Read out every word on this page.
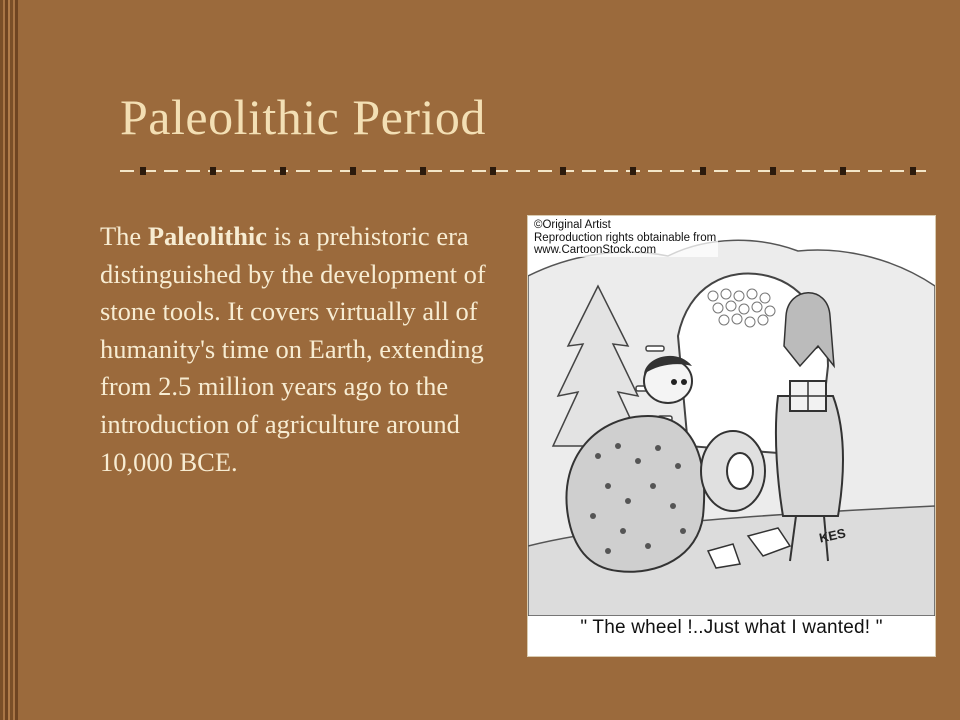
Paleolithic Period
The Paleolithic is a prehistoric era distinguished by the development of stone tools. It covers virtually all of humanity's time on Earth, extending from 2.5 million years ago to the introduction of agriculture around 10,000 BCE.
©Original Artist
Reproduction rights obtainable from
www.CartoonStock.com
KES
" The wheel !..Just what I wanted! "
